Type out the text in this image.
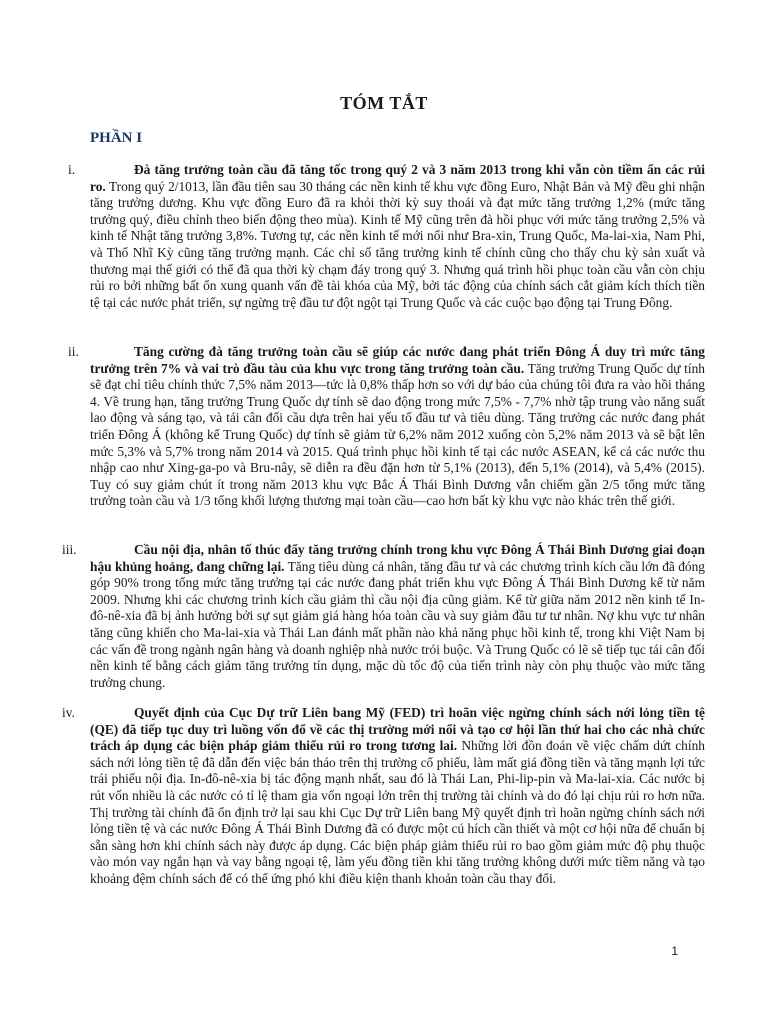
TÓM TẮT
PHẦN I
i.	Đà tăng trưởng toàn cầu đã tăng tốc trong quý 2 và 3 năm 2013 trong khi vẫn còn tiềm ẩn các rủi ro. Trong quý 2/1013, lần đầu tiên sau 30 tháng các nền kinh tế khu vực đồng Euro, Nhật Bản và Mỹ đều ghi nhận tăng trưởng dương. Khu vực đồng Euro đã ra khỏi thời kỳ suy thoái và đạt mức tăng trưởng 1,2% (mức tăng trưởng quý, điều chỉnh theo biến động theo mùa). Kinh tế Mỹ cũng trên đà hồi phục với mức tăng trưởng 2,5% và kinh tế Nhật tăng trưởng 3,8%. Tương tự, các nền kinh tế mới nổi như Bra-xin, Trung Quốc, Ma-lai-xia, Nam Phi, và Thổ Nhĩ Kỳ cũng tăng trưởng mạnh. Các chỉ số tăng trưởng kinh tế chính cũng cho thấy chu kỳ sản xuất và thương mại thế giới có thể đã qua thời kỳ chạm đáy trong quý 3. Nhưng quá trình hồi phục toàn cầu vẫn còn chịu rủi ro bởi những bất ổn xung quanh vấn đề tài khóa của Mỹ, bởi tác động của chính sách cắt giảm kích thích tiền tệ tại các nước phát triển, sự ngừng trệ đầu tư đột ngột tại Trung Quốc và các cuộc bạo động tại Trung Đông.
ii.	Tăng cường đà tăng trưởng toàn cầu sẽ giúp các nước đang phát triển Đông Á duy trì mức tăng trưởng trên 7% và vai trò đầu tàu của khu vực trong tăng trưởng toàn cầu. Tăng trưởng Trung Quốc dự tính sẽ đạt chỉ tiêu chính thức 7,5% năm 2013—tức là 0,8% thấp hơn so với dự báo của chúng tôi đưa ra vào hồi tháng 4. Về trung hạn, tăng trưởng Trung Quốc dự tính sẽ dao động trong mức 7,5% - 7,7% nhờ tập trung vào năng suất lao động và sáng tạo, và tái cân đối cầu dựa trên hai yếu tố đầu tư và tiêu dùng. Tăng trưởng các nước đang phát triển Đông Á (không kể Trung Quốc) dự tính sẽ giảm từ 6,2% năm 2012 xuống còn 5,2% năm 2013 và sẽ bật lên mức 5,3% và 5,7% trong năm 2014 và 2015. Quá trình phục hồi kinh tế tại các nước ASEAN, kể cả các nước thu nhập cao như Xing-ga-po và Bru-nây, sẽ diễn ra đều đặn hơn từ 5,1% (2013), đến 5,1% (2014), và 5,4% (2015). Tuy có suy giảm chút ít trong năm 2013 khu vực Bắc Á Thái Bình Dương vẫn chiếm gần 2/5 tổng mức tăng trưởng toàn cầu và 1/3 tổng khối lượng thương mại toàn cầu—cao hơn bất kỳ khu vực nào khác trên thế giới.
iii.	Cầu nội địa, nhân tố thúc đẩy tăng trưởng chính trong khu vực Đông Á Thái Bình Dương giai đoạn hậu khủng hoảng, đang chững lại. Tăng tiêu dùng cá nhân, tăng đầu tư và các chương trình kích cầu lớn đã đóng góp 90% trong tổng mức tăng trưởng tại các nước đang phát triển khu vực Đông Á Thái Bình Dương kể từ năm 2009. Nhưng khi các chương trình kích cầu giảm thì cầu nội địa cũng giảm. Kể từ giữa năm 2012 nền kinh tế In-đô-nê-xia đã bị ảnh hưởng bởi sự sụt giảm giá hàng hóa toàn cầu và suy giảm đầu tư tư nhân. Nợ khu vực tư nhân tăng cũng khiến cho Ma-lai-xia và Thái Lan đánh mất phần nào khả năng phục hồi kinh tế, trong khi Việt Nam bị các vấn đề trong ngành ngân hàng và doanh nghiệp nhà nước trói buộc. Và Trung Quốc có lẽ sẽ tiếp tục tái cân đối nền kinh tế bằng cách giảm tăng trưởng tín dụng, mặc dù tốc độ của tiến trình này còn phụ thuộc vào mức tăng trưởng chung.
iv.	Quyết định của Cục Dự trữ Liên bang Mỹ (FED) trì hoãn việc ngừng chính sách nới lỏng tiền tệ (QE) đã tiếp tục duy trì luồng vốn đổ về các thị trường mới nổi và tạo cơ hội lần thứ hai cho các nhà chức trách áp dụng các biện pháp giảm thiểu rủi ro trong tương lai. Những lời đồn đoán về việc chấm dứt chính sách nới lỏng tiền tệ đã dẫn đến việc bán tháo trên thị trường cổ phiếu, làm mất giá đồng tiền và tăng mạnh lợi tức trái phiếu nội địa. In-đô-nê-xia bị tác động mạnh nhất, sau đó là Thái Lan, Phi-lip-pin và Ma-lai-xia. Các nước bị rút vốn nhiều là các nước có tỉ lệ tham gia vốn ngoại lớn trên thị trường tài chính và do đó lại chịu rủi ro hơn nữa. Thị trường tài chính đã ổn định trở lại sau khi Cục Dự trữ Liên bang Mỹ quyết định trì hoãn ngừng chính sách nới lỏng tiền tệ và các nước Đông Á Thái Bình Dương đã có được một cú hích cần thiết và một cơ hội nữa để chuẩn bị sẵn sàng hơn khi chính sách này được áp dụng. Các biện pháp giảm thiểu rủi ro bao gồm giảm mức độ phụ thuộc vào món vay ngắn hạn và vay bằng ngoại tệ, làm yếu đồng tiền khi tăng trưởng không dưới mức tiềm năng và tạo khoảng đệm chính sách để có thể ứng phó khi điều kiện thanh khoản toàn cầu thay đổi.
1
